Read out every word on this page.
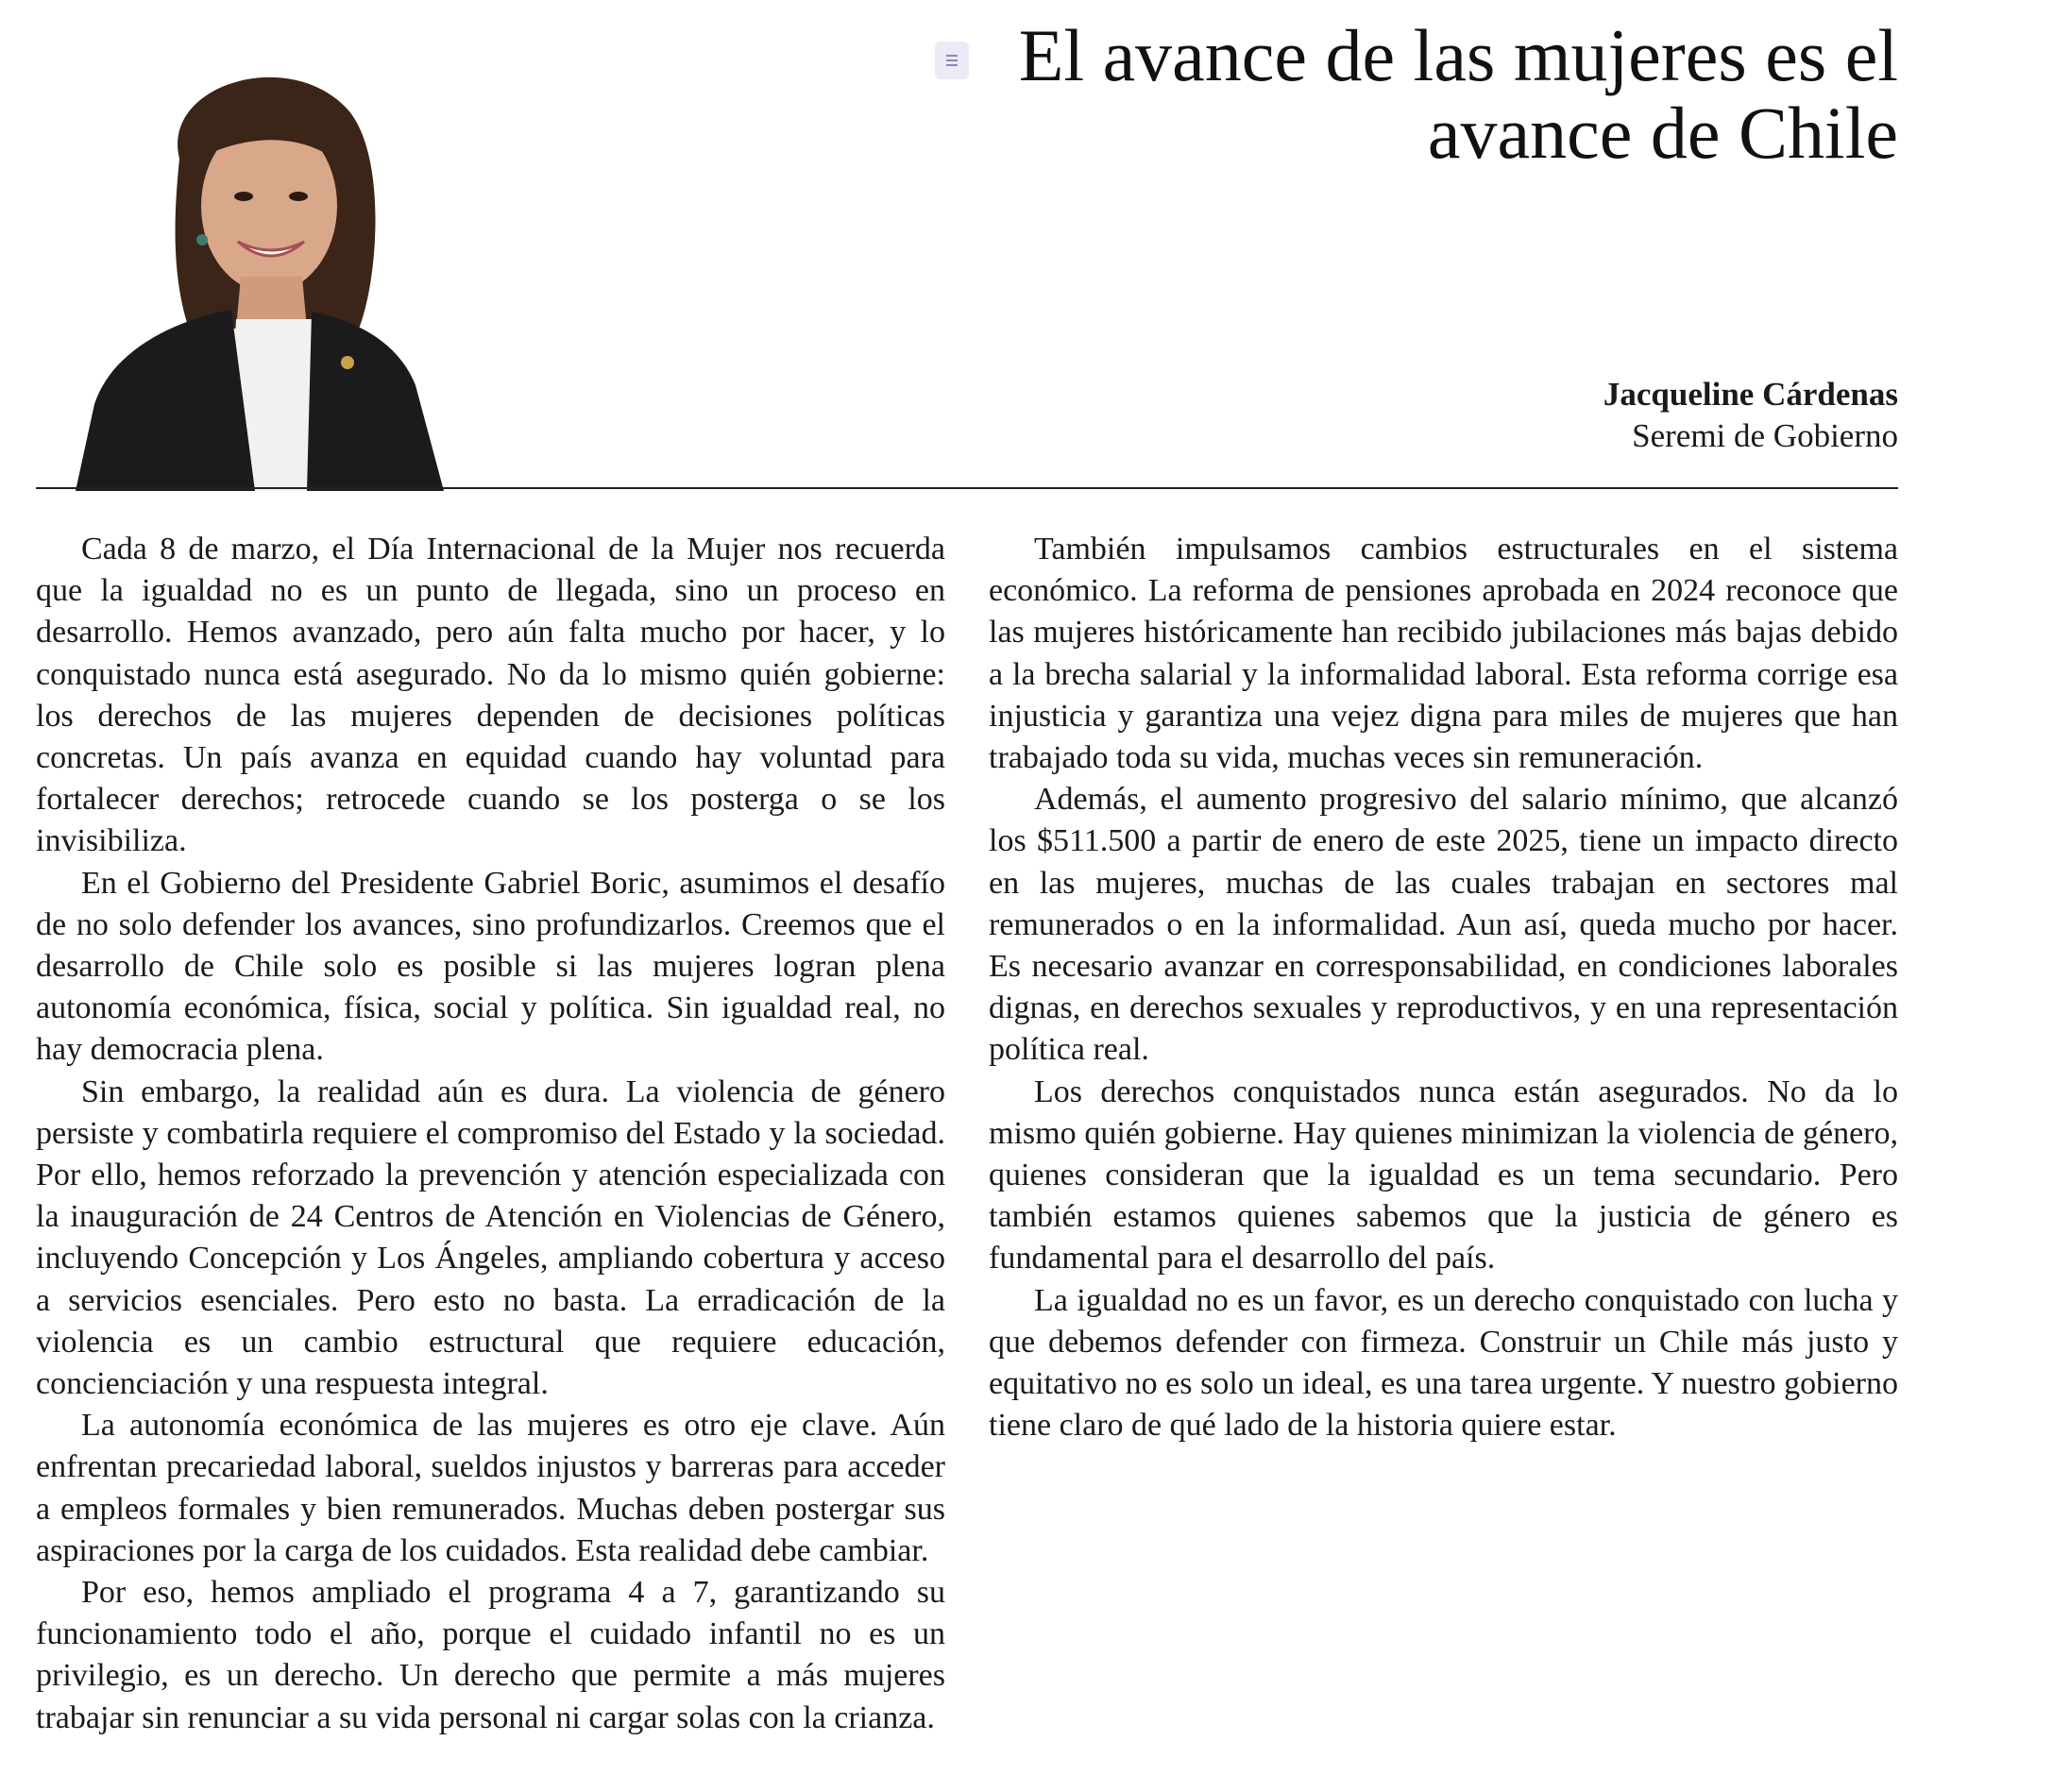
El avance de las mujeres es el
avance de Chile
Jacqueline Cárdenas
Seremi de Gobierno

Cada 8 de marzo, el Día Internacional de la Mujer nos recuerda que la igualdad no es un punto de llegada, sino un proceso en desarrollo. Hemos avanzado, pero aún falta mucho por hacer, y lo conquistado nunca está asegurado. No da lo mismo quién gobierne: los derechos de las mujeres dependen de decisiones políticas concretas. Un país avanza en equidad cuando hay voluntad para fortalecer derechos; retrocede cuando se los posterga o se los invisibiliza.

En el Gobierno del Presidente Gabriel Boric, asumimos el desafío de no solo defender los avances, sino profundizarlos. Creemos que el desarrollo de Chile solo es posible si las mujeres logran plena autonomía económica, física, social y política. Sin igualdad real, no hay democracia plena.

Sin embargo, la realidad aún es dura. La violencia de género persiste y combatirla requiere el compromiso del Estado y la sociedad. Por ello, hemos reforzado la prevención y atención especializada con la inauguración de 24 Centros de Atención en Violencias de Género, incluyendo Concepción y Los Ángeles, ampliando cobertura y acceso a servicios esenciales. Pero esto no basta. La erradicación de la violencia es un cambio estructural que requiere educación, concienciación y una respuesta integral.

La autonomía económica de las mujeres es otro eje clave. Aún enfrentan precariedad laboral, sueldos injustos y barreras para acceder a empleos formales y bien remunerados. Muchas deben postergar sus aspiraciones por la carga de los cuidados. Esta realidad debe cambiar.

Por eso, hemos ampliado el programa 4 a 7, garantizando su funcionamiento todo el año, porque el cuidado infantil no es un privilegio, es un derecho. Un derecho que permite a más mujeres trabajar sin renunciar a su vida personal ni cargar solas con la crianza.

También impulsamos cambios estructurales en el sistema económico. La reforma de pensiones aprobada en 2024 reconoce que las mujeres históricamente han recibido jubilaciones más bajas debido a la brecha salarial y la informalidad laboral. Esta reforma corrige esa injusticia y garantiza una vejez digna para miles de mujeres que han trabajado toda su vida, muchas veces sin remuneración.

Además, el aumento progresivo del salario mínimo, que alcanzó los $511.500 a partir de enero de este 2025, tiene un impacto directo en las mujeres, muchas de las cuales trabajan en sectores mal remunerados o en la informalidad. Aun así, queda mucho por hacer. Es necesario avanzar en corresponsabilidad, en condiciones laborales dignas, en derechos sexuales y reproductivos, y en una representación política real.

Los derechos conquistados nunca están asegurados. No da lo mismo quién gobierne. Hay quienes minimizan la violencia de género, quienes consideran que la igualdad es un tema secundario. Pero también estamos quienes sabemos que la justicia de género es fundamental para el desarrollo del país.

La igualdad no es un favor, es un derecho conquistado con lucha y que debemos defender con firmeza. Construir un Chile más justo y equitativo no es solo un ideal, es una tarea urgente. Y nuestro gobierno tiene claro de qué lado de la historia quiere estar.
